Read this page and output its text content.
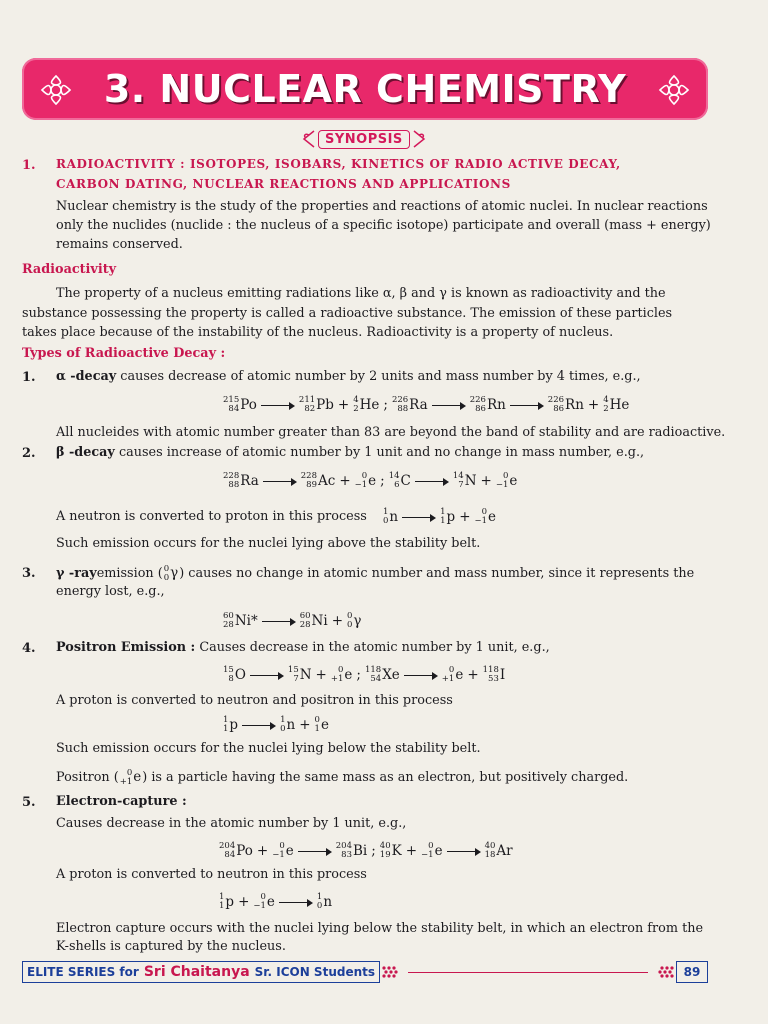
3. NUCLEAR CHEMISTRY
SYNOPSIS
1. RADIOACTIVITY : ISOTOPES, ISOBARS, KINETICS OF RADIO ACTIVE DECAY,
CARBON DATING, NUCLEAR REACTIONS AND APPLICATIONS
Nuclear chemistry is the study of the properties and reactions of atomic nuclei. In nuclear reactions
only the nuclides (nuclide : the nucleus of a specific isotope) participate and overall (mass + energy)
remains conserved.
Radioactivity
The property of a nucleus emitting radiations like α, β and γ is known as radioactivity and the
substance possessing the property is called a radioactive substance. The emission of these particles
takes place because of the instability of the nucleus. Radioactivity is a property of nucleus.
Types of Radioactive Decay :
1. α -decay causes decrease of atomic number by 2 units and mass number by 4 times, e.g.,
215
84 Po	211
82 Pb + 4
2 He ; 226
88 Ra	226
86 Rn	226
86 Rn + 4
2 He
All nucleides with atomic number greater than 83 are beyond the band of stability and are radioactive.
2. β -decay causes increase of atomic number by 1 unit and no change in mass number, e.g.,
228
88 Ra	228
89 Ac + 0
−1 e ; 14
6 C	14
7 N + 0
−1 e
A neutron is converted to proton in this process 1
0 n	1
1 p + 0
−1 e
Such emission occurs for the nuclei lying above the stability belt.
3. γ -ray emission ( 0
0 γ ) causes no change in atomic number and mass number, since it represents the
energy lost, e.g.,
60
28 Ni*	60
28 Ni + 0
0 γ
4. Positron Emission : Causes decrease in the atomic number by 1 unit, e.g.,
15
8 O	15
7 N + 0
+1 e ; 118
54 Xe	0
+1 e + 118
53 I
A proton is converted to neutron and positron in this process
1
1 p	1
0 n + 0
1 e
Such emission occurs for the nuclei lying below the stability belt.
Positron ( 0
+1 e ) is a particle having the same mass as an electron, but positively charged.
5. Electron-capture :
Causes decrease in the atomic number by 1 unit, e.g.,
204
84 Po + 0
−1 e	204
83 Bi ; 40
19 K + 0
−1 e	40
18 Ar
A proton is converted to neutron in this process
1
1 p + 0
−1 e	1
0 n
Electron capture occurs with the nuclei lying below the stability belt, in which an electron from the
K-shells is captured by the nucleus.
ELITE SERIES for Sri Chaitanya Sr. ICON Students	89
